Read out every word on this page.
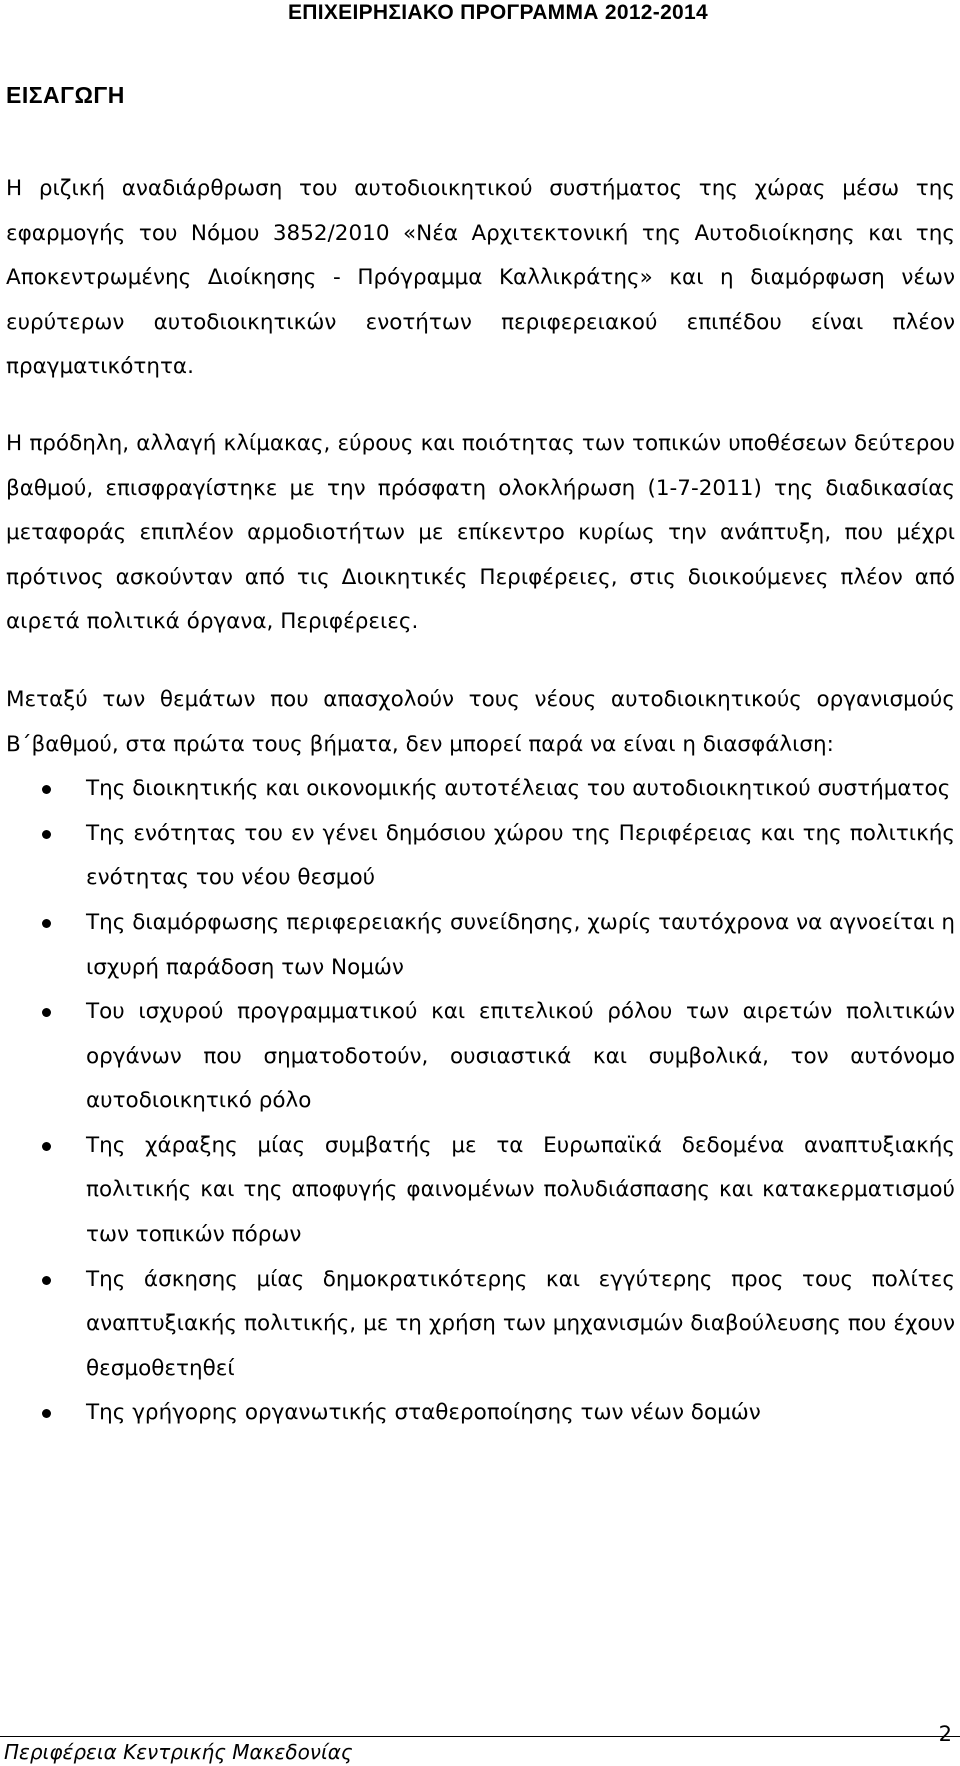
ΕΠΙΧΕΙΡΗΣΙΑΚΟ ΠΡΟΓΡΑΜΜΑ 2012-2014
ΕΙΣΑΓΩΓΗ

Η ριζική αναδιάρθρωση του αυτοδιοικητικού συστήματος της χώρας μέσω της εφαρμογής του Νόμου 3852/2010 «Νέα Αρχιτεκτονική της Αυτοδιοίκησης και της Αποκεντρωμένης Διοίκησης - Πρόγραμμα Καλλικράτης» και η διαμόρφωση νέων ευρύτερων αυτοδιοικητικών ενοτήτων περιφερειακού επιπέδου είναι πλέον πραγματικότητα.

Η πρόδηλη, αλλαγή κλίμακας, εύρους και ποιότητας των τοπικών υποθέσεων δεύτερου βαθμού, επισφραγίστηκε με την πρόσφατη ολοκλήρωση (1-7-2011) της διαδικασίας μεταφοράς επιπλέον αρμοδιοτήτων με επίκεντρο κυρίως την ανάπτυξη, που μέχρι πρότινος ασκούνταν από τις Διοικητικές Περιφέρειες, στις διοικούμενες πλέον από αιρετά πολιτικά όργανα, Περιφέρειες.

Μεταξύ των θεμάτων που απασχολούν τους νέους αυτοδιοικητικούς οργανισμούς Β΄βαθμού, στα πρώτα τους βήματα, δεν μπορεί παρά να είναι η διασφάλιση:

Της διοικητικής και οικονομικής αυτοτέλειας του αυτοδιοικητικού συστήματος
Της ενότητας του εν γένει δημόσιου χώρου της Περιφέρειας και της πολιτικής ενότητας του νέου θεσμού
Της διαμόρφωσης περιφερειακής συνείδησης, χωρίς ταυτόχρονα να αγνοείται η ισχυρή παράδοση των Νομών
Του ισχυρού προγραμματικού και επιτελικού ρόλου των αιρετών πολιτικών οργάνων που σηματοδοτούν, ουσιαστικά και συμβολικά, τον αυτόνομο αυτοδιοικητικό ρόλο
Της χάραξης μίας συμβατής με τα Ευρωπαϊκά δεδομένα αναπτυξιακής πολιτικής και της αποφυγής φαινομένων πολυδιάσπασης και κατακερματισμού των τοπικών πόρων
Της άσκησης μίας δημοκρατικότερης και εγγύτερης προς τους πολίτες αναπτυξιακής πολιτικής, με τη χρήση των μηχανισμών διαβούλευσης που έχουν θεσμοθετηθεί
Της γρήγορης οργανωτικής σταθεροποίησης των νέων δομών
Περιφέρεια Κεντρικής Μακεδονίας
2
